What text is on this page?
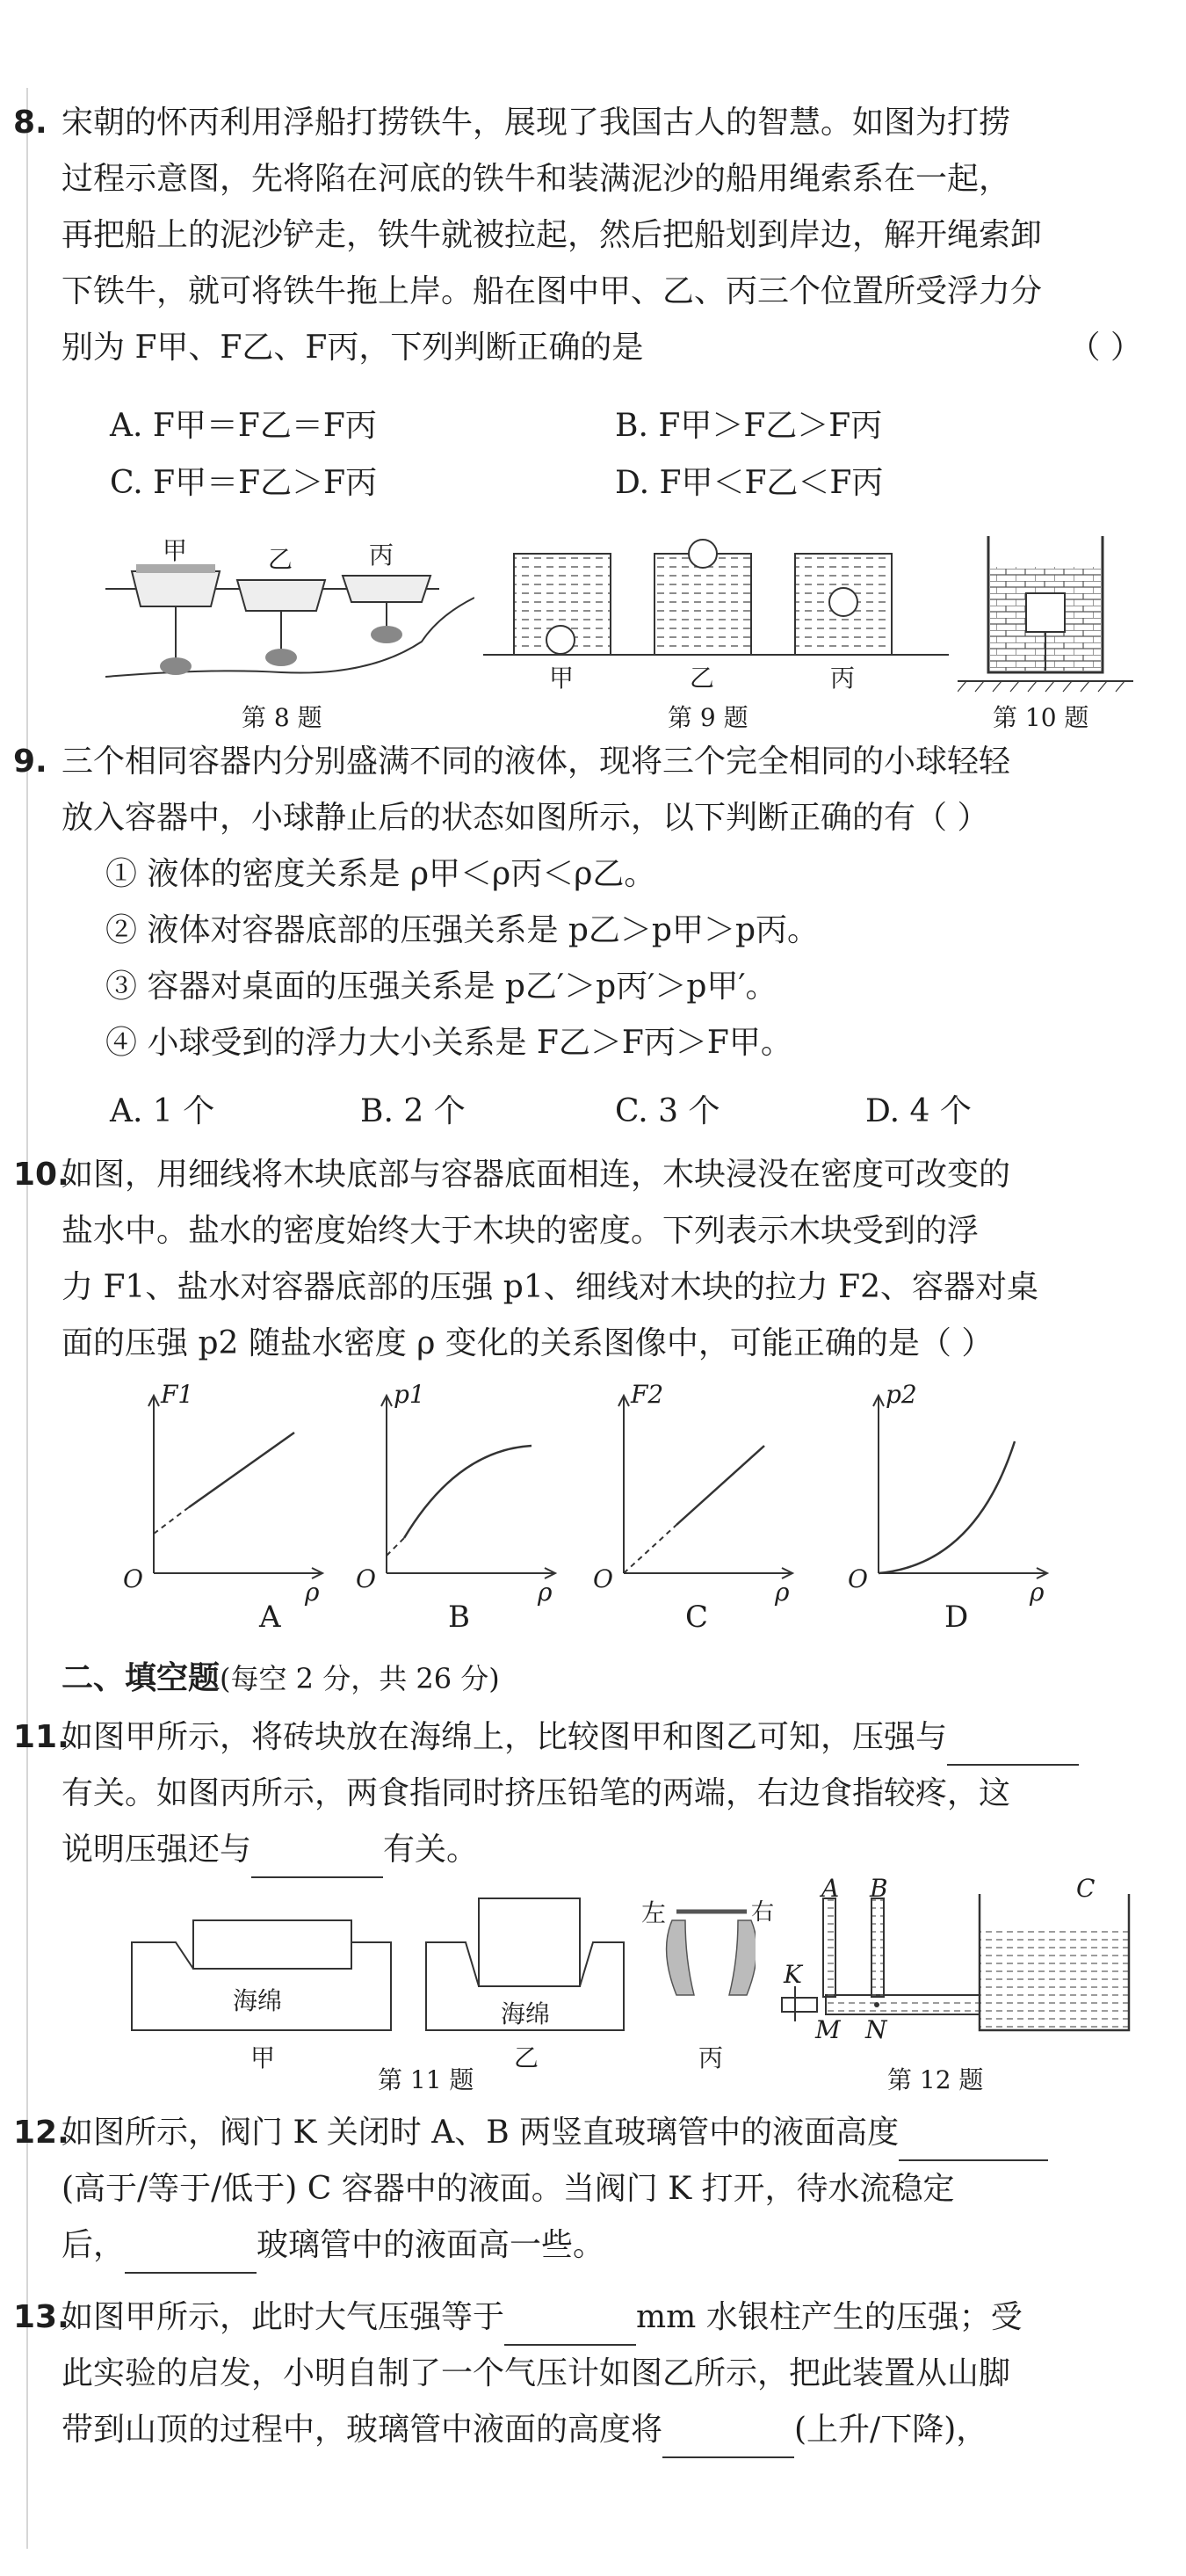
8. 宋朝的怀丙利用浮船打捞铁牛，展现了我国古人的智慧。如图为打捞
过程示意图，先将陷在河底的铁牛和装满泥沙的船用绳索系在一起，
再把船上的泥沙铲走，铁牛就被拉起，然后把船划到岸边，解开绳索卸
下铁牛，就可将铁牛拖上岸。船在图中甲、乙、丙三个位置所受浮力分
别为 F甲、F乙、F丙，下列判断正确的是	（ ）
A. F甲＝F乙＝F丙	B. F甲＞F乙＞F丙
C. F甲＝F乙＞F丙	D. F甲＜F乙＜F丙
甲	乙	丙
第 8 题
甲	乙	丙
第 9 题	第 10 题
9. 三个相同容器内分别盛满不同的液体，现将三个完全相同的小球轻轻
放入容器中，小球静止后的状态如图所示，以下判断正确的有（ ）
① 液体的密度关系是 ρ甲＜ρ丙＜ρ乙。
② 液体对容器底部的压强关系是 p乙＞p甲＞p丙。
③ 容器对桌面的压强关系是 p乙′＞p丙′＞p甲′。
④ 小球受到的浮力大小关系是 F乙＞F丙＞F甲。
A. 1 个	B. 2 个	C. 3 个	D. 4 个
10.
如图，用细线将木块底部与容器底面相连，木块浸没在密度可改变的
盐水中。盐水的密度始终大于木块的密度。下列表示木块受到的浮
力 F1、盐水对容器底部的压强 p1、细线对木块的拉力 F2、容器对桌
面的压强 p2 随盐水密度 ρ 变化的关系图像中，可能正确的是（ ）
F1
O	ρ
A
p1
O	ρ
B
F2
O	ρ
C
p2
O	ρ
D
二、填空题(每空 2 分，共 26 分)
11.
如图甲所示，将砖块放在海绵上，比较图甲和图乙可知，压强与
有关。如图丙所示，两食指同时挤压铅笔的两端，右边食指较疼，这
说明压强还与	有关。
海绵	海绵
甲	乙	丙
左	右
第 11 题
A B	C
K
M N
第 12 题
12.
如图所示，阀门 K 关闭时 A、B 两竖直玻璃管中的液面高度
(高于/等于/低于) C 容器中的液面。当阀门 K 打开，待水流稳定
后，	玻璃管中的液面高一些。
13.
如图甲所示，此时大气压强等于	mm 水银柱产生的压强；受
此实验的启发，小明自制了一个气压计如图乙所示，把此装置从山脚
带到山顶的过程中，玻璃管中液面的高度将	(上升/下降)，
